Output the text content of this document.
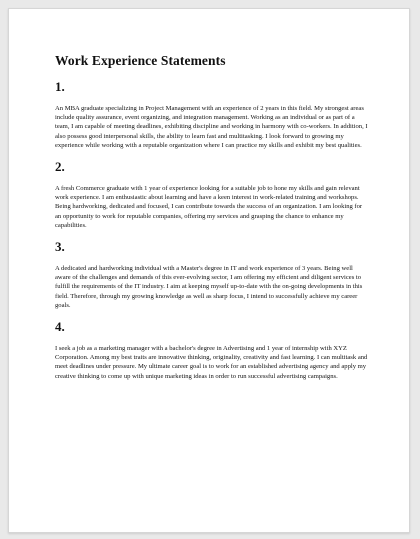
Work Experience Statements
1.

An MBA graduate specializing in Project Management with an experience of 2 years in this field. My strongest areas include quality assurance, event organizing, and integration management. Working as an individual or as part of a team, I am capable of meeting deadlines, exhibiting discipline and working in harmony with co-workers. In addition, I also possess good interpersonal skills, the ability to learn fast and multitasking. I look forward to growing my experience while working with a reputable organization where I can practice my skills and exhibit my best qualities.

2.

A fresh Commerce graduate with 1 year of experience looking for a suitable job to hone my skills and gain relevant work experience. I am enthusiastic about learning and have a keen interest in work-related training and workshops. Being hardworking, dedicated and focused, I can contribute towards the success of an organization. I am looking for an opportunity to work for reputable companies, offering my services and grasping the chance to enhance my capabilities.

3.

A dedicated and hardworking individual with a Master's degree in IT and work experience of 3 years. Being well aware of the challenges and demands of this ever-evolving sector, I am offering my efficient and diligent services to fulfill the requirements of the IT industry. I aim at keeping myself up-to-date with the on-going developments in this field. Therefore, through my growing knowledge as well as sharp focus, I intend to successfully achieve my career goals.

4.

I seek a job as a marketing manager with a bachelor's degree in Advertising and 1 year of internship with XYZ Corporation. Among my best traits are innovative thinking, originality, creativity and fast learning. I can multitask and meet deadlines under pressure. My ultimate career goal is to work for an established advertising agency and apply my creative thinking to come up with unique marketing ideas in order to run successful advertising campaigns.
